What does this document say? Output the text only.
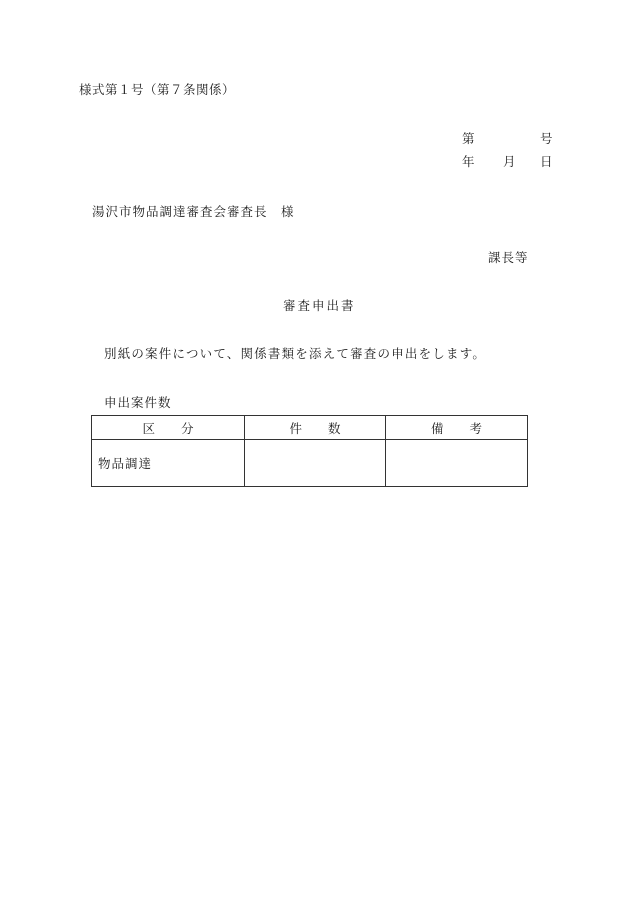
様式第１号（第７条関係）
第	号
年 月 日
湯沢市物品調達審査会審査長　様
課長等
審査申出書
別紙の案件について、関係書類を添えて審査の申出をします。
申出案件数
区分	件数	備考
物品調達		
